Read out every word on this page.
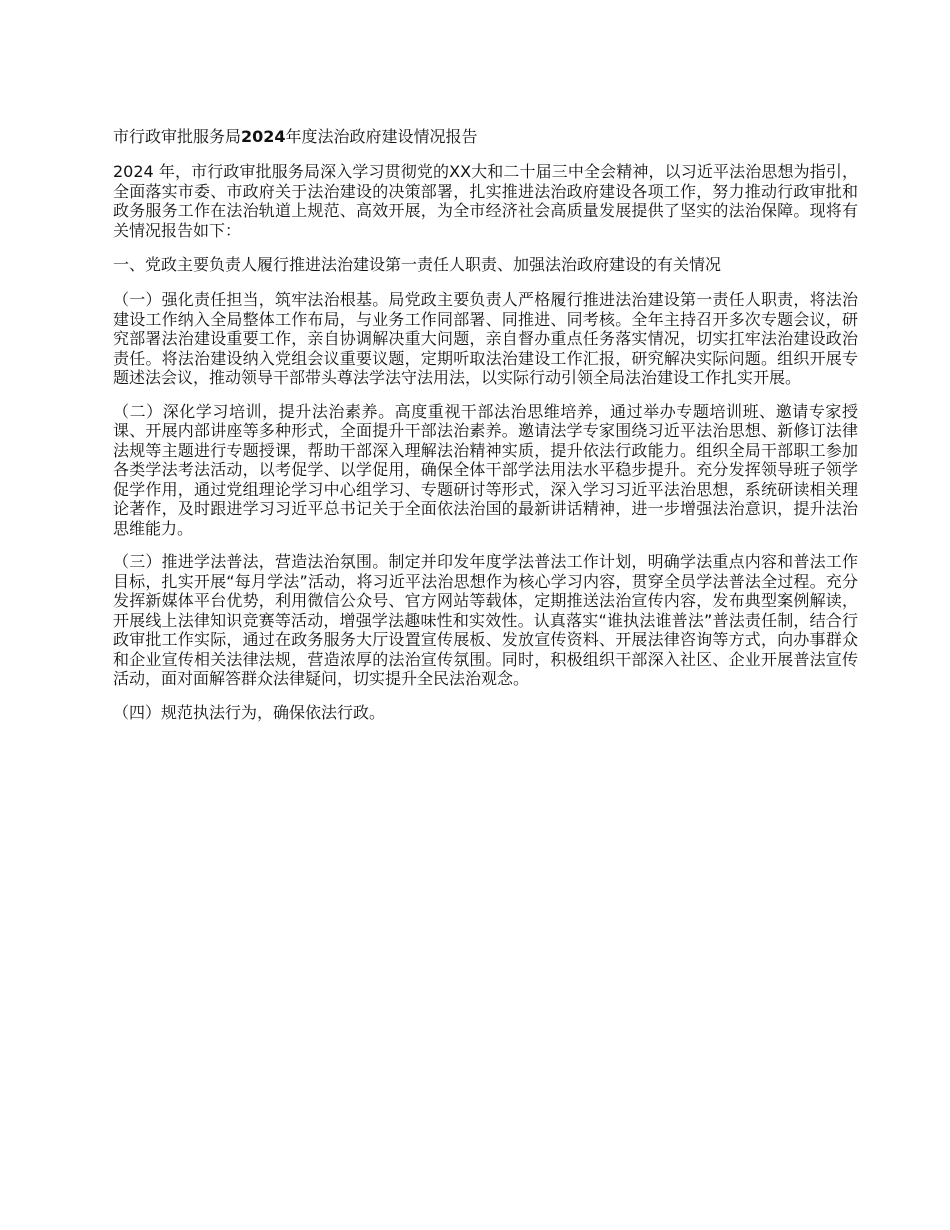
市行政审批服务局2024年度法治政府建设情况报告

2024 年，市行政审批服务局深入学习贯彻党的XX大和二十届三中全会精神，以习近平法治思想为指引，全面落实市委、市政府关于法治建设的决策部署，扎实推进法治政府建设各项工作，努力推动行政审批和政务服务工作在法治轨道上规范、高效开展，为全市经济社会高质量发展提供了坚实的法治保障。现将有关情况报告如下：

一、党政主要负责人履行推进法治建设第一责任人职责、加强法治政府建设的有关情况

（一）强化责任担当，筑牢法治根基。局党政主要负责人严格履行推进法治建设第一责任人职责，将法治建设工作纳入全局整体工作布局，与业务工作同部署、同推进、同考核。全年主持召开多次专题会议，研究部署法治建设重要工作，亲自协调解决重大问题，亲自督办重点任务落实情况，切实扛牢法治建设政治责任。将法治建设纳入党组会议重要议题，定期听取法治建设工作汇报，研究解决实际问题。组织开展专题述法会议，推动领导干部带头尊法学法守法用法，以实际行动引领全局法治建设工作扎实开展。

（二）深化学习培训，提升法治素养。高度重视干部法治思维培养，通过举办专题培训班、邀请专家授课、开展内部讲座等多种形式，全面提升干部法治素养。邀请法学专家围绕习近平法治思想、新修订法律法规等主题进行专题授课，帮助干部深入理解法治精神实质，提升依法行政能力。组织全局干部职工参加各类学法考法活动，以考促学、以学促用，确保全体干部学法用法水平稳步提升。充分发挥领导班子领学促学作用，通过党组理论学习中心组学习、专题研讨等形式，深入学习习近平法治思想，系统研读相关理论著作，及时跟进学习习近平总书记关于全面依法治国的最新讲话精神，进一步增强法治意识，提升法治思维能力。

（三）推进学法普法，营造法治氛围。制定并印发年度学法普法工作计划，明确学法重点内容和普法工作目标，扎实开展“每月学法”活动，将习近平法治思想作为核心学习内容，贯穿全员学法普法全过程。充分发挥新媒体平台优势，利用微信公众号、官方网站等载体，定期推送法治宣传内容，发布典型案例解读，开展线上法律知识竞赛等活动，增强学法趣味性和实效性。认真落实“谁执法谁普法”普法责任制，结合行政审批工作实际，通过在政务服务大厅设置宣传展板、发放宣传资料、开展法律咨询等方式，向办事群众和企业宣传相关法律法规，营造浓厚的法治宣传氛围。同时，积极组织干部深入社区、企业开展普法宣传活动，面对面解答群众法律疑问，切实提升全民法治观念。

（四）规范执法行为，确保依法行政。
